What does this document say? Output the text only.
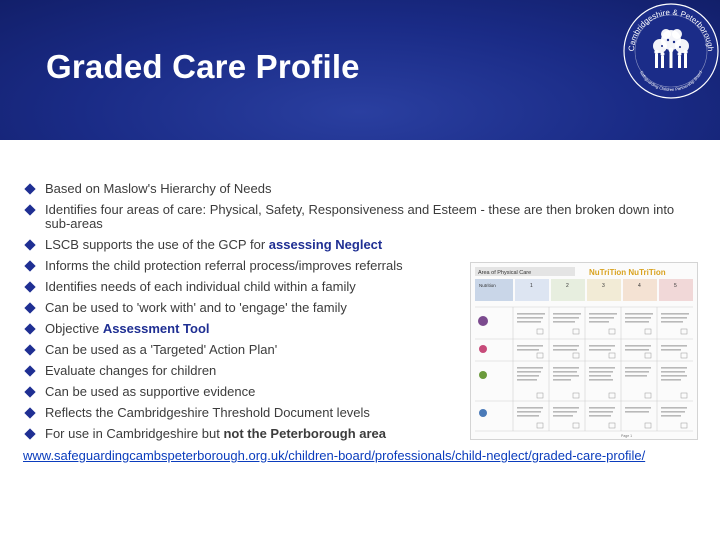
Graded Care Profile	Cambridgeshire & Peterborough
Safeguarding Children Partnership Board
Based on Maslow's Hierarchy of Needs
Identifies four areas of care: Physical, Safety, Responsiveness and Esteem - these are then broken down into sub-areas
LSCB supports the use of the GCP for assessing Neglect
Informs the child protection referral process/improves referrals
Identifies needs of each individual child within a family
Can be used to 'work with' and to 'engage' the family
Objective Assessment Tool
Can be used as a 'Targeted' Action Plan'
Evaluate changes for children
Can be used as supportive evidence
Reflects the Cambridgeshire Threshold Document levels
For use in Cambridgeshire but not the Peterborough area
www.safeguardingcambspeterborough.org.uk/children-board/professionals/child-neglect/graded-care-profile/
Area of Physical Care	NuTriTion NuTriTion
Nutrition	1	2	3	4	5
Page 1
